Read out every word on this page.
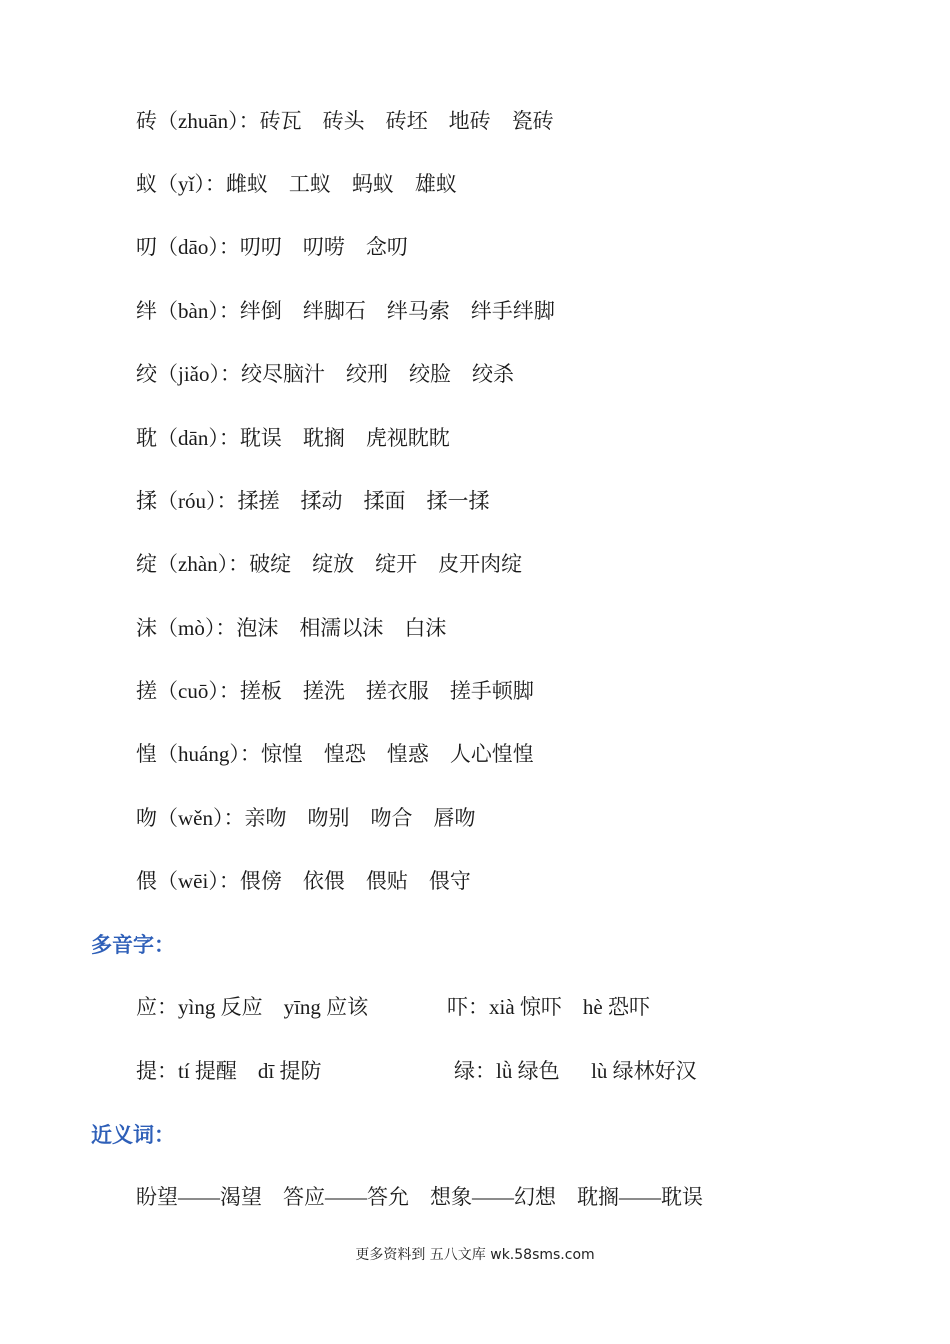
砖（zhuān）：砖瓦    砖头    砖坯    地砖    瓷砖
蚁（yǐ）：雌蚁    工蚁    蚂蚁    雄蚁
叨（dāo）：叨叨    叨唠    念叨
绊（bàn）：绊倒    绊脚石    绊马索    绊手绊脚
绞（jiǎo）：绞尽脑汁    绞刑    绞脸    绞杀
耽（dān）：耽误    耽搁    虎视眈眈
揉（róu）：揉搓    揉动    揉面    揉一揉
绽（zhàn）：破绽    绽放    绽开    皮开肉绽
沫（mò）：泡沫    相濡以沫    白沫
搓（cuō）：搓板    搓洗    搓衣服    搓手顿脚
惶（huáng）：惊惶    惶恐    惶惑    人心惶惶
吻（wěn）：亲吻    吻别    吻合    唇吻
偎（wēi）：偎傍    依偎    偎贴    偎守
多音字：
应：yìng 反应    yīng 应该	吓：xià 惊吓    hè 恐吓
提：tí 提醒    dī 提防	绿：lǜ 绿色      lù 绿林好汉
近义词：
盼望——渴望    答应——答允    想象——幻想    耽搁——耽误
更多资料到 五八文库 wk.58sms.com
